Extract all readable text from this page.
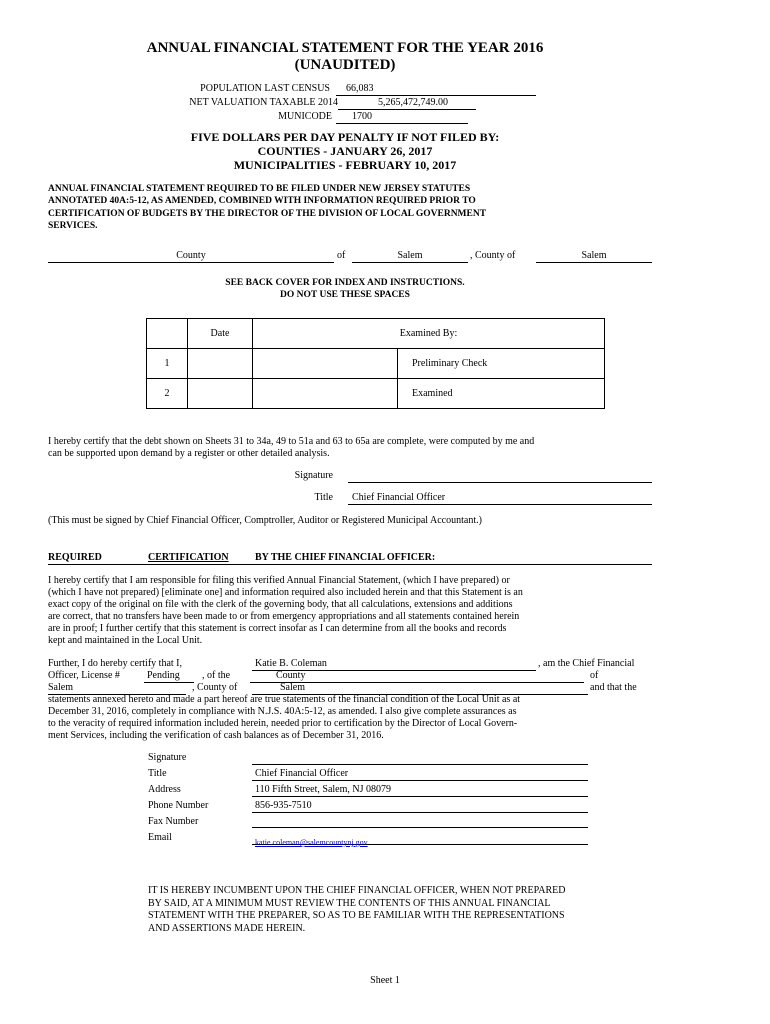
ANNUAL FINANCIAL STATEMENT FOR THE YEAR 2016
(UNAUDITED)
POPULATION LAST CENSUS	66,083
NET VALUATION TAXABLE 2014	5,265,472,749.00
MUNICODE	1700
FIVE DOLLARS PER DAY PENALTY IF NOT FILED BY:
COUNTIES - JANUARY 26, 2017
MUNICIPALITIES - FEBRUARY 10, 2017
ANNUAL FINANCIAL STATEMENT REQUIRED TO BE FILED UNDER NEW JERSEY STATUTES
ANNOTATED 40A:5-12, AS AMENDED, COMBINED WITH INFORMATION REQUIRED PRIOR TO
CERTIFICATION OF BUDGETS BY THE DIRECTOR OF THE DIVISION OF LOCAL GOVERNMENT
SERVICES.
County	of	Salem	, County of	Salem
SEE BACK COVER FOR INDEX AND INSTRUCTIONS.
DO NOT USE THESE SPACES
	Date	Examined By:	
1			Preliminary Check
2			Examined
I hereby certify that the debt shown on Sheets 31 to 34a, 49 to 51a and 63 to 65a are complete, were computed by me and
can be supported upon demand by a register or other detailed analysis.
Signature
Title	Chief Financial Officer
(This must be signed by Chief Financial Officer, Comptroller, Auditor or Registered Municipal Accountant.)
REQUIRED	CERTIFICATION	BY THE CHIEF FINANCIAL OFFICER:
I hereby certify that I am responsible for filing this verified Annual Financial Statement, (which I have prepared) or
(which I have not prepared) [eliminate one] and information required also included herein and that this Statement is an
exact copy of the original on file with the clerk of the governing body, that all calculations, extensions and additions
are correct, that no transfers have been made to or from emergency appropriations and all statements contained herein
are in proof; I further certify that this statement is correct insofar as I can determine from all the books and records
kept and maintained in the Local Unit.
Further, I do hereby certify that I,	Katie B. Coleman	, am the Chief Financial
Officer, License #	Pending	, of the	County	of
Salem	, County of	Salem	and that the
statements annexed hereto and made a part hereof are true statements of the financial condition of the Local Unit as at
December 31, 2016, completely in compliance with N.J.S. 40A:5-12, as amended. I also give complete assurances as
to the veracity of required information included herein, needed prior to certification by the Director of Local Govern-
ment Services, including the verification of cash balances as of December 31, 2016.
Signature
Title	Chief Financial Officer
Address	110 Fifth Street, Salem, NJ 08079
Phone Number	856-935-7510
Fax Number
Email	katie.coleman@salemcountynj.gov
IT IS HEREBY INCUMBENT UPON THE CHIEF FINANCIAL OFFICER, WHEN NOT PREPARED
BY SAID, AT A MINIMUM MUST REVIEW THE CONTENTS OF THIS ANNUAL FINANCIAL
STATEMENT WITH THE PREPARER, SO AS TO BE FAMILIAR WITH THE REPRESENTATIONS
AND ASSERTIONS MADE HEREIN.
Sheet 1
